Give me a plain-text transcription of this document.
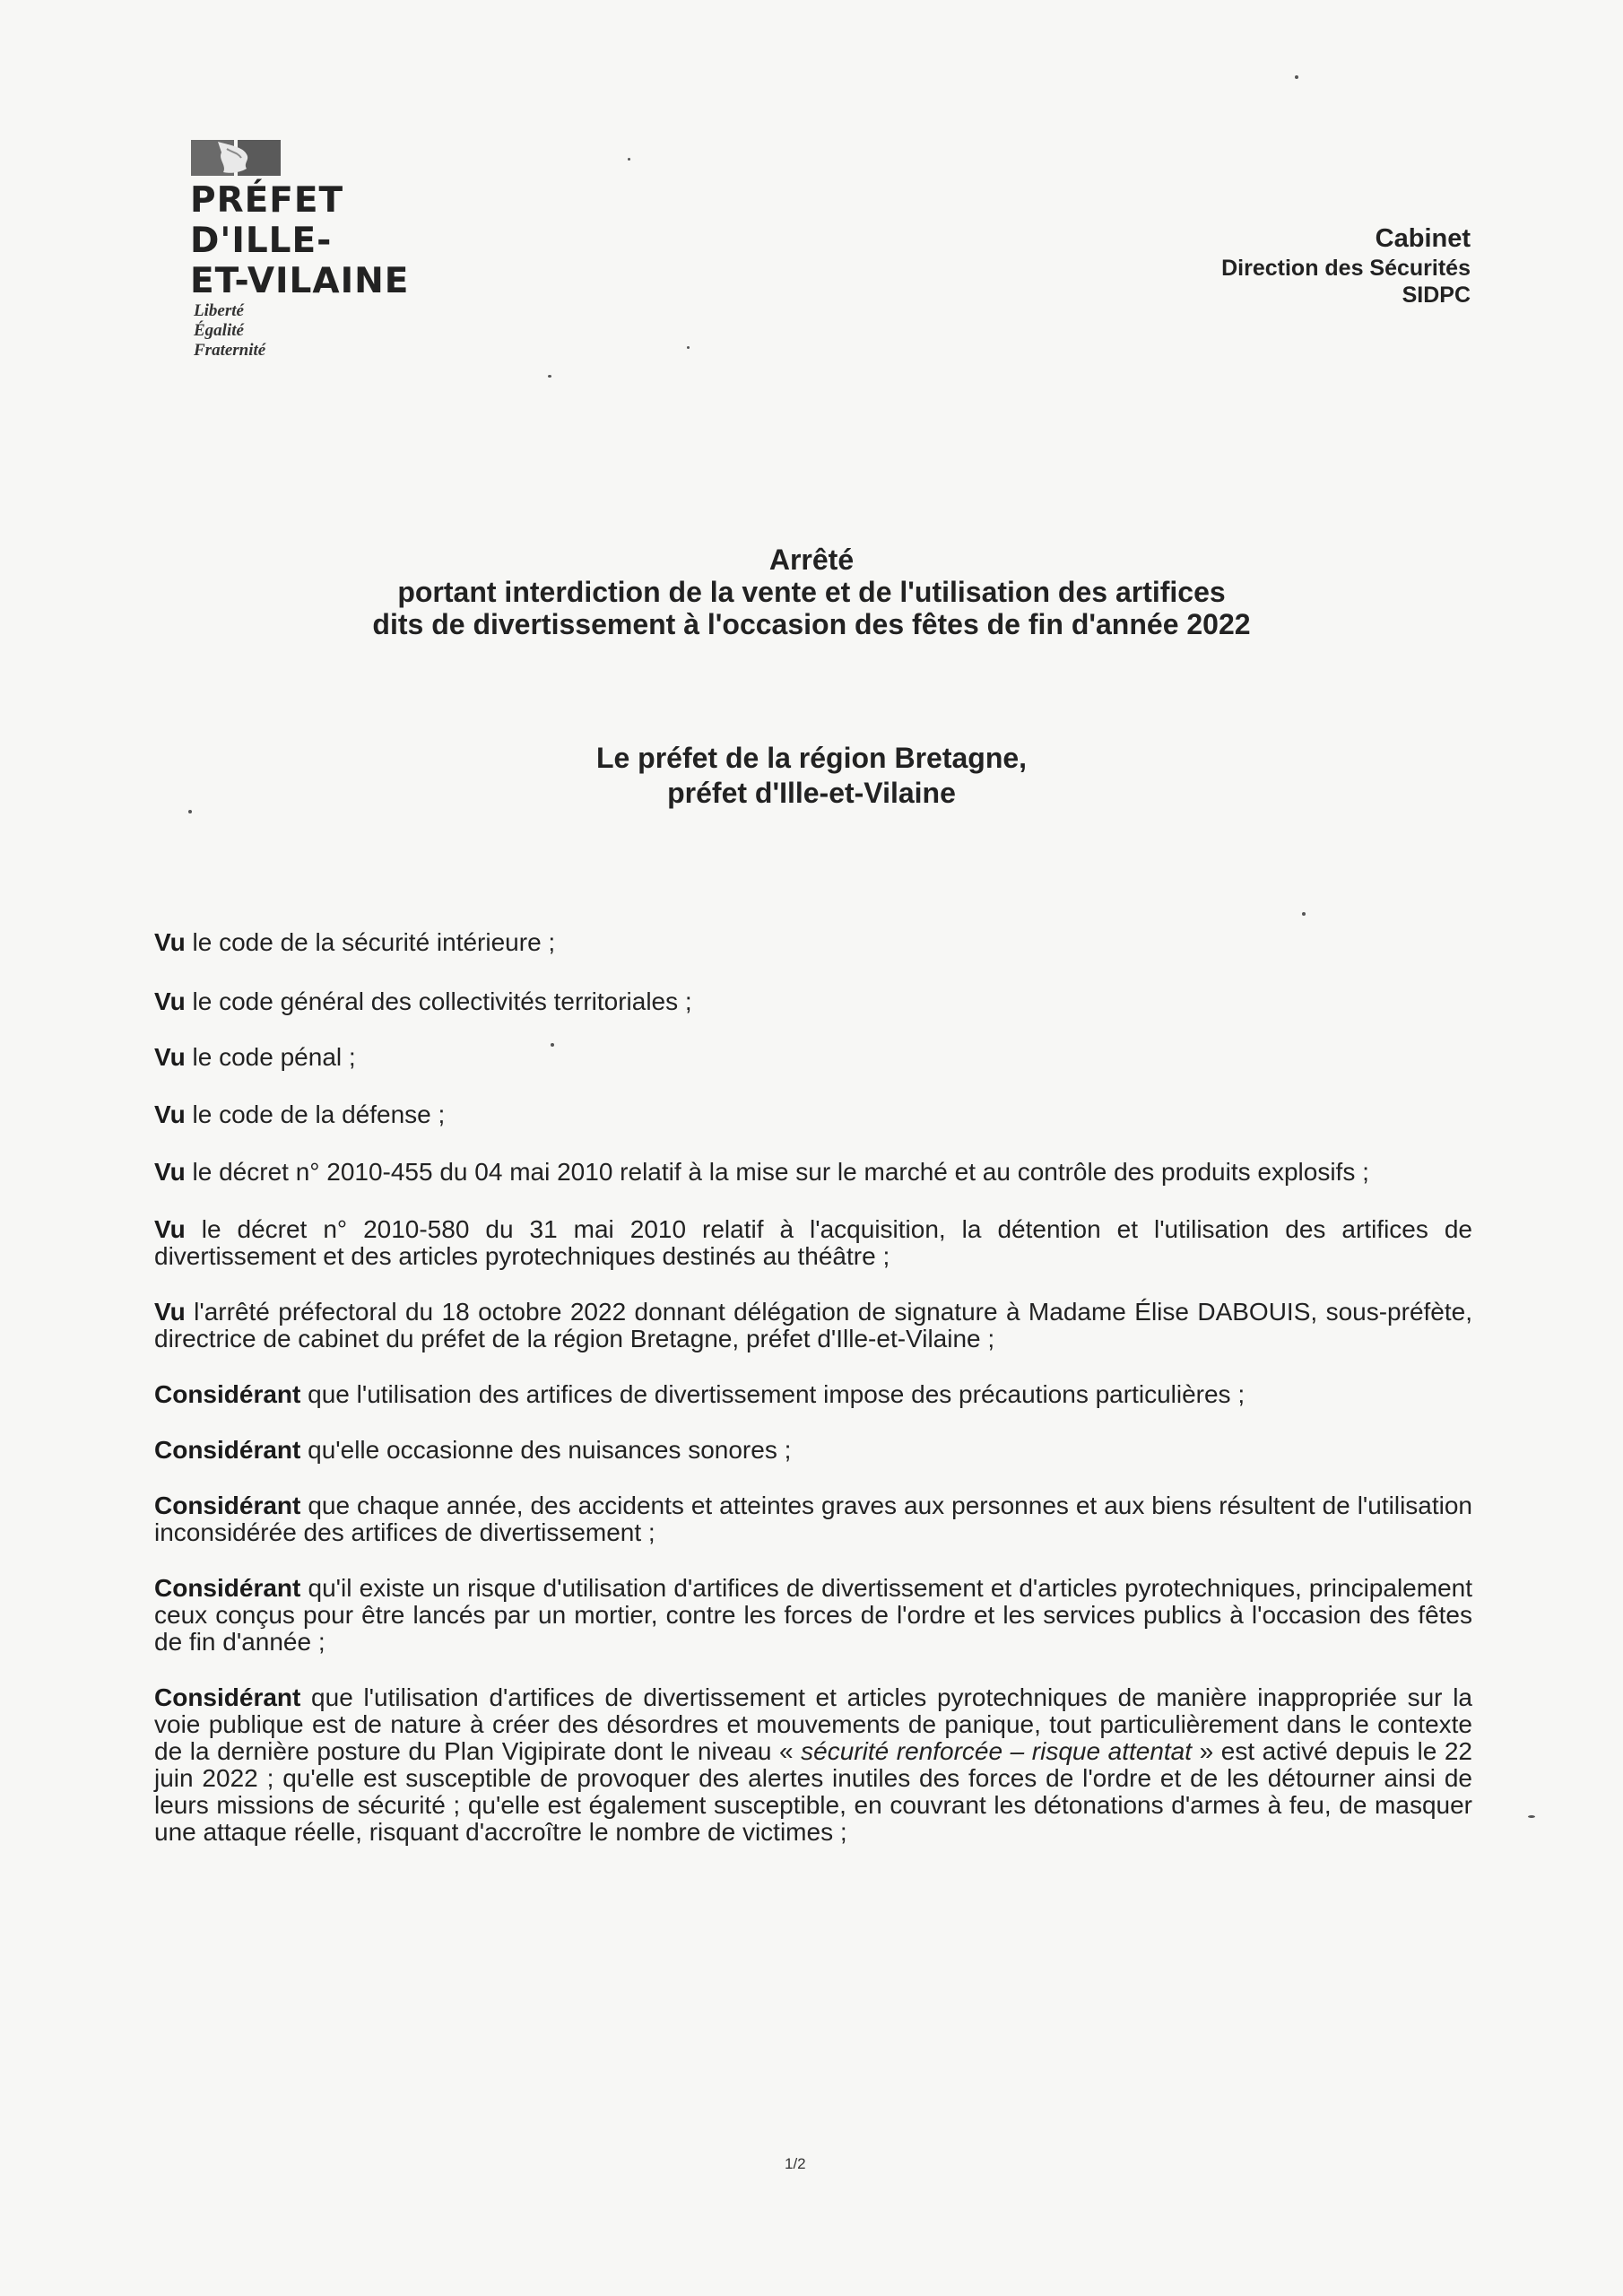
PRÉFET
D'ILLE-
ET-VILAINE
Liberté
Égalité
Fraternité
Cabinet
Direction des Sécurités
SIDPC
Arrêté
portant interdiction de la vente et de l'utilisation des artifices
dits de divertissement à l'occasion des fêtes de fin d'année 2022
Le préfet de la région Bretagne,
préfet d'Ille-et-Vilaine

Vu le code de la sécurité intérieure ;

Vu le code général des collectivités territoriales ;

Vu le code pénal ;

Vu le code de la défense ;

Vu le décret n° 2010-455 du 04 mai 2010 relatif à la mise sur le marché et au contrôle des produits explosifs ;

Vu le décret n° 2010-580 du 31 mai 2010 relatif à l'acquisition, la détention et l'utilisation des artifices de divertissement et des articles pyrotechniques destinés au théâtre ;

Vu l'arrêté préfectoral du 18 octobre 2022 donnant délégation de signature à Madame Élise DABOUIS, sous-préfète, directrice de cabinet du préfet de la région Bretagne, préfet d'Ille-et-Vilaine ;

Considérant que l'utilisation des artifices de divertissement impose des précautions particulières ;

Considérant qu'elle occasionne des nuisances sonores ;

Considérant que chaque année, des accidents et atteintes graves aux personnes et aux biens résultent de l'utilisation inconsidérée des artifices de divertissement ;

Considérant qu'il existe un risque d'utilisation d'artifices de divertissement et d'articles pyrotechniques, principalement ceux conçus pour être lancés par un mortier, contre les forces de l'ordre et les services publics à l'occasion des fêtes de fin d'année ;

Considérant que l'utilisation d'artifices de divertissement et articles pyrotechniques de manière inappropriée sur la voie publique est de nature à créer des désordres et mouvements de panique, tout particulièrement dans le contexte de la dernière posture du Plan Vigipirate dont le niveau « sécurité renforcée – risque attentat » est activé depuis le 22 juin 2022 ; qu'elle est susceptible de provoquer des alertes inutiles des forces de l'ordre et de les détourner ainsi de leurs missions de sécurité ; qu'elle est également susceptible, en couvrant les détonations d'armes à feu, de masquer une attaque réelle, risquant d'accroître le nombre de victimes ;

1/2
